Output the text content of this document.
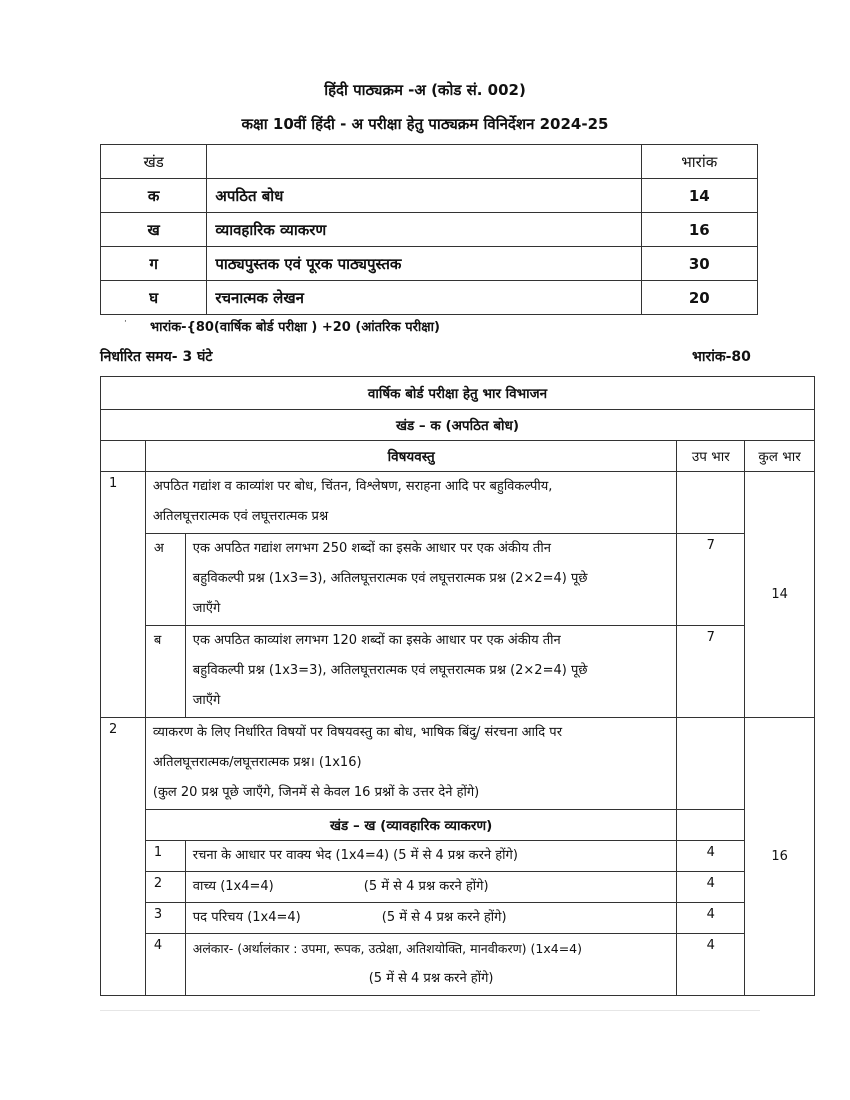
हिंदी पाठ्यक्रम -अ (कोड सं. 002)
कक्षा 10वीं हिंदी - अ परीक्षा हेतु पाठ्यक्रम विनिर्देशन 2024-25
खंड		भारांक
क	अपठित बोध	14
ख	व्यावहारिक व्याकरण	16
ग	पाठ्यपुस्तक एवं पूरक पाठ्यपुस्तक	30
घ	रचनात्मक लेखन	20
· भारांक-{80(वार्षिक बोर्ड परीक्षा ) +20 (आंतरिक परीक्षा)
निर्धारित समय- 3 घंटे	भारांक-80
वार्षिक बोर्ड परीक्षा हेतु भार विभाजन				
खंड – क (अपठित बोध)				
	विषयवस्तु		उप भार	कुल भार
1	अपठित गद्यांश व काव्यांश पर बोध, चिंतन, विश्लेषण, सराहना आदि पर बहुविकल्पीय,
अतिलघूत्तरात्मक एवं लघूत्तरात्मक प्रश्न			14
	अ	एक अपठित गद्यांश लगभग 250 शब्दों का इसके आधार पर एक अंकीय तीन
बहुविकल्पी प्रश्न (1x3=3), अतिलघूत्तरात्मक एवं लघूत्तरात्मक प्रश्न (2×2=4) पूछे
जाएँगे	7	
	ब	एक अपठित काव्यांश लगभग 120 शब्दों का इसके आधार पर एक अंकीय तीन
बहुविकल्पी प्रश्न (1x3=3), अतिलघूत्तरात्मक एवं लघूत्तरात्मक प्रश्न (2×2=4) पूछे
जाएँगे	7	
2	व्याकरण के लिए निर्धारित विषयों पर विषयवस्तु का बोध, भाषिक बिंदु/ संरचना आदि पर
अतिलघूत्तरात्मक/लघूत्तरात्मक प्रश्न। (1x16)
(कुल 20 प्रश्न पूछे जाएँगे, जिनमें से केवल 16 प्रश्नों के उत्तर देने होंगे)			16
	खंड – ख (व्यावहारिक व्याकरण)			
	1	रचना के आधार पर वाक्य भेद (1x4=4) (5 में से 4 प्रश्न करने होंगे)	4	
	2	वाच्य (1x4=4) (5 में से 4 प्रश्न करने होंगे)	4	
	3	पद परिचय (1x4=4) (5 में से 4 प्रश्न करने होंगे)	4	
	4	अलंकार- (अर्थालंकार : उपमा, रूपक, उत्प्रेक्षा, अतिशयोक्ति, मानवीकरण) (1x4=4)
(5 में से 4 प्रश्न करने होंगे)	4	
